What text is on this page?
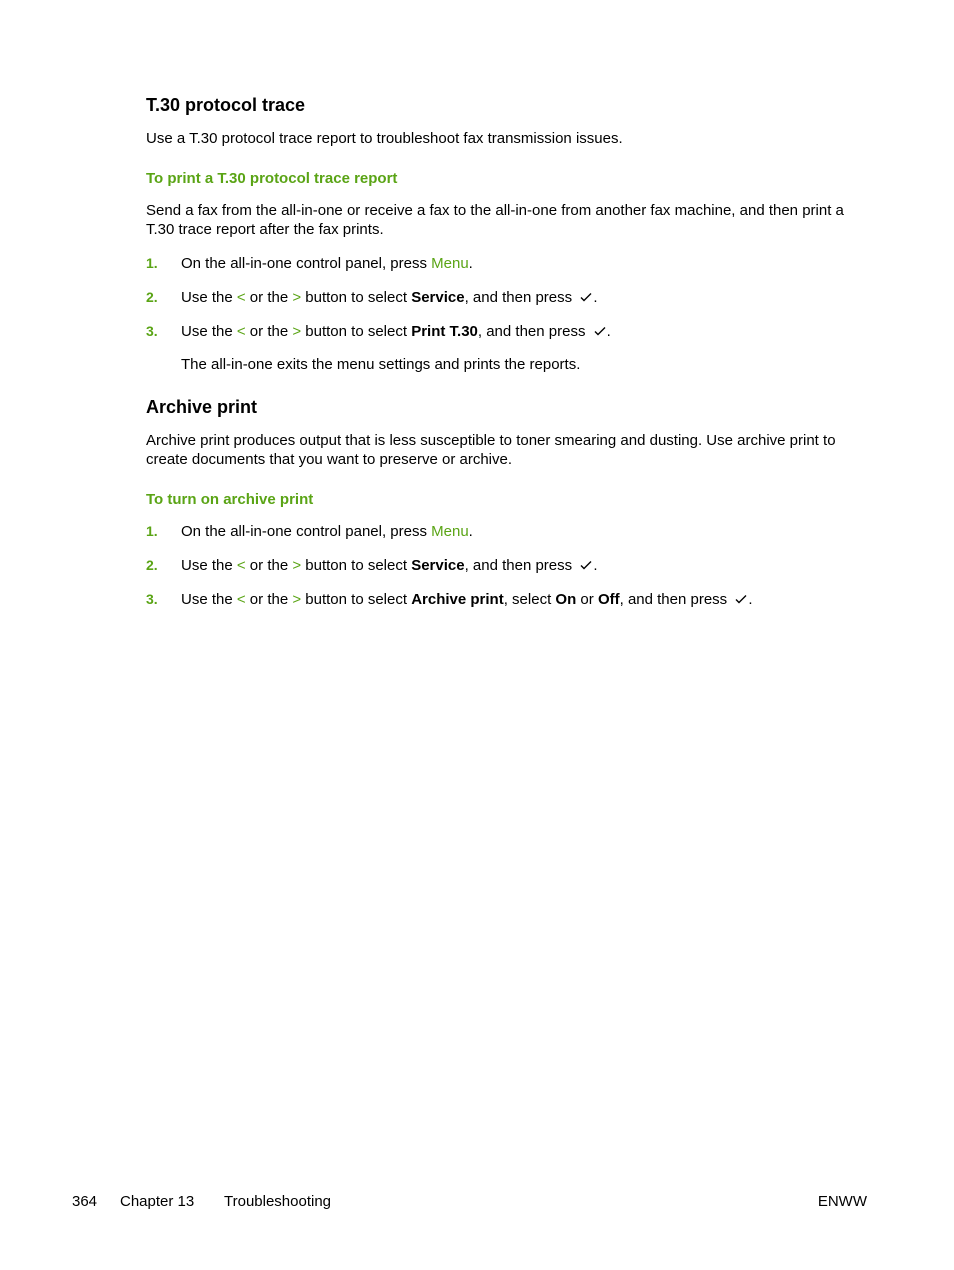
T.30 protocol trace

Use a T.30 protocol trace report to troubleshoot fax transmission issues.

To print a T.30 protocol trace report

Send a fax from the all-in-one or receive a fax to the all-in-one from another fax machine, and then print a T.30 trace report after the fax prints.

1. On the all-in-one control panel, press Menu.
2. Use the < or the > button to select Service, and then press .
3. Use the < or the > button to select Print T.30, and then press .

The all-in-one exits the menu settings and prints the reports.

Archive print

Archive print produces output that is less susceptible to toner smearing and dusting. Use archive print to create documents that you want to preserve or archive.

To turn on archive print
1. On the all-in-one control panel, press Menu.
2. Use the < or the > button to select Service, and then press .
3. Use the < or the > button to select Archive print, select On or Off, and then press .
364 Chapter 13 Troubleshooting	ENWW
